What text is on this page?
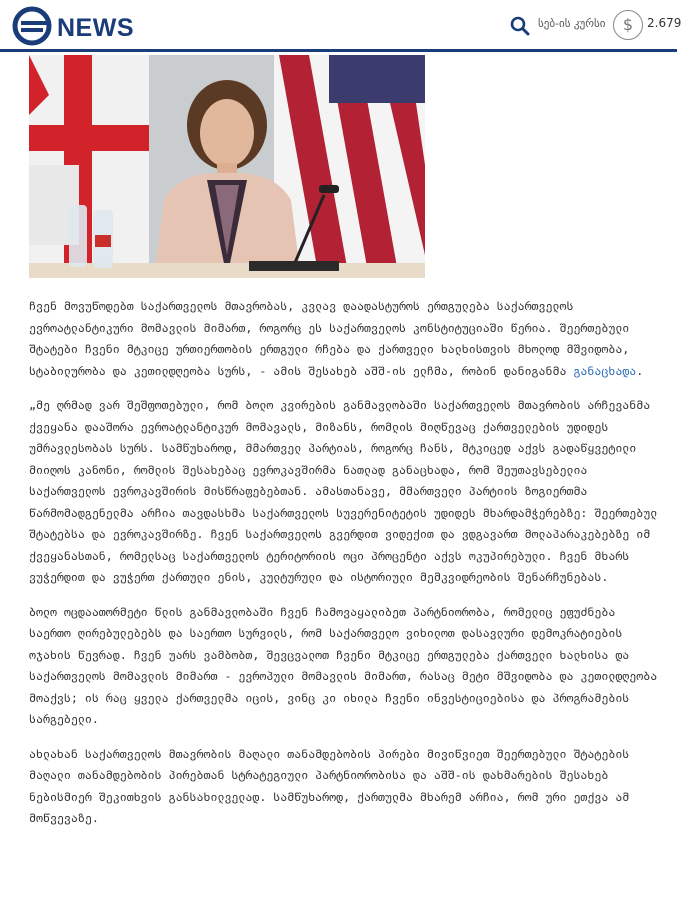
NEWS	სებ-ის კურსი	$	2.679

ჩვენ მოვუწოდებთ საქართველოს მთავრობას, კვლავ დაადასტუროს ერთგულება საქართველოს ევროატლანტიკური მომავლის მიმართ, როგორც ეს საქართველოს კონსტიტუციაში წერია. შეერთებული შტატები ჩვენი მტკიცე ურთიერთობის ერთგული რჩება და ქართველი ხალხისთვის მხოლოდ მშვიდობა, სტაბილურობა და კეთილდღეობა სურს, - ამის შესახებ აშშ-ის ელჩმა, რობინ დანიგანმა განაცხადა.

„მე ღრმად ვარ შეშფოთებული, რომ ბოლო კვირების განმავლობაში საქართველოს მთავრობის არჩევანმა ქვეყანა დააშორა ევროატლანტიკურ მომავალს, მიზანს, რომლის მიღწევაც ქართველების უდიდეს უმრავლესობას სურს. სამწუხაროდ, მმართველ პარტიას, როგორც ჩანს, მტკიცედ აქვს გადაწყვეტილი მიიღოს კანონი, რომლის შესახებაც ევროკავშირმა ნათლად განაცხადა, რომ შეუთავსებელია საქართველოს ევროკავშირის მისწრაფებებთან. ამასთანავე, მმართველი პარტიის ზოგიერთმა წარმომადგენელმა არჩია თავდასხმა საქართველოს სუვერენიტეტის უდიდეს მხარდამჭერებზე: შეერთებულ შტატებსა და ევროკავშირზე. ჩვენ საქართველოს გვერდით ვიდექით და ვდგავართ მოლაპარაკებებზე იმ ქვეყანასთან, რომელსაც საქართველოს ტერიტორიის ოცი პროცენტი აქვს ოკუპირებული. ჩვენ მხარს ვუჭერდით და ვუჭერთ ქართული ენის, კულტურული და ისტორიული მემკვიდრეობის შენარჩუნებას.

ბოლო ოცდაათორმეტი წლის განმავლობაში ჩვენ ჩამოვაყალიბეთ პარტნიორობა, რომელიც ეფუძნება საერთო ღირებულებებს და საერთო სურვილს, რომ საქართველო ვიხილოთ დასავლური დემოკრატიების ოჯახის წევრად. ჩვენ უარს ვამბობთ, შევცვალოთ ჩვენი მტკიცე ერთგულება ქართველი ხალხისა და საქართველოს მომავლის მიმართ - ევროპული მომავლის მიმართ, რასაც მეტი მშვიდობა და კეთილდღეობა მოაქვს; ის რაც ყველა ქართველმა იცის, ვინც კი იხილა ჩვენი ინვესტიციებისა და პროგრამების სარგებელი.

ახლახან საქართველოს მთავრობის მაღალი თანამდებობის პირები მივიწვიეთ შეერთებული შტატების მაღალი თანამდებობის პირებთან სტრატეგიული პარტნიორობისა და აშშ-ის დახმარების შესახებ ნებისმიერ შეკითხვის განსახილველად. სამწუხაროდ, ქართულმა მხარემ არჩია, რომ ური ეთქვა ამ მოწვევაზე.
